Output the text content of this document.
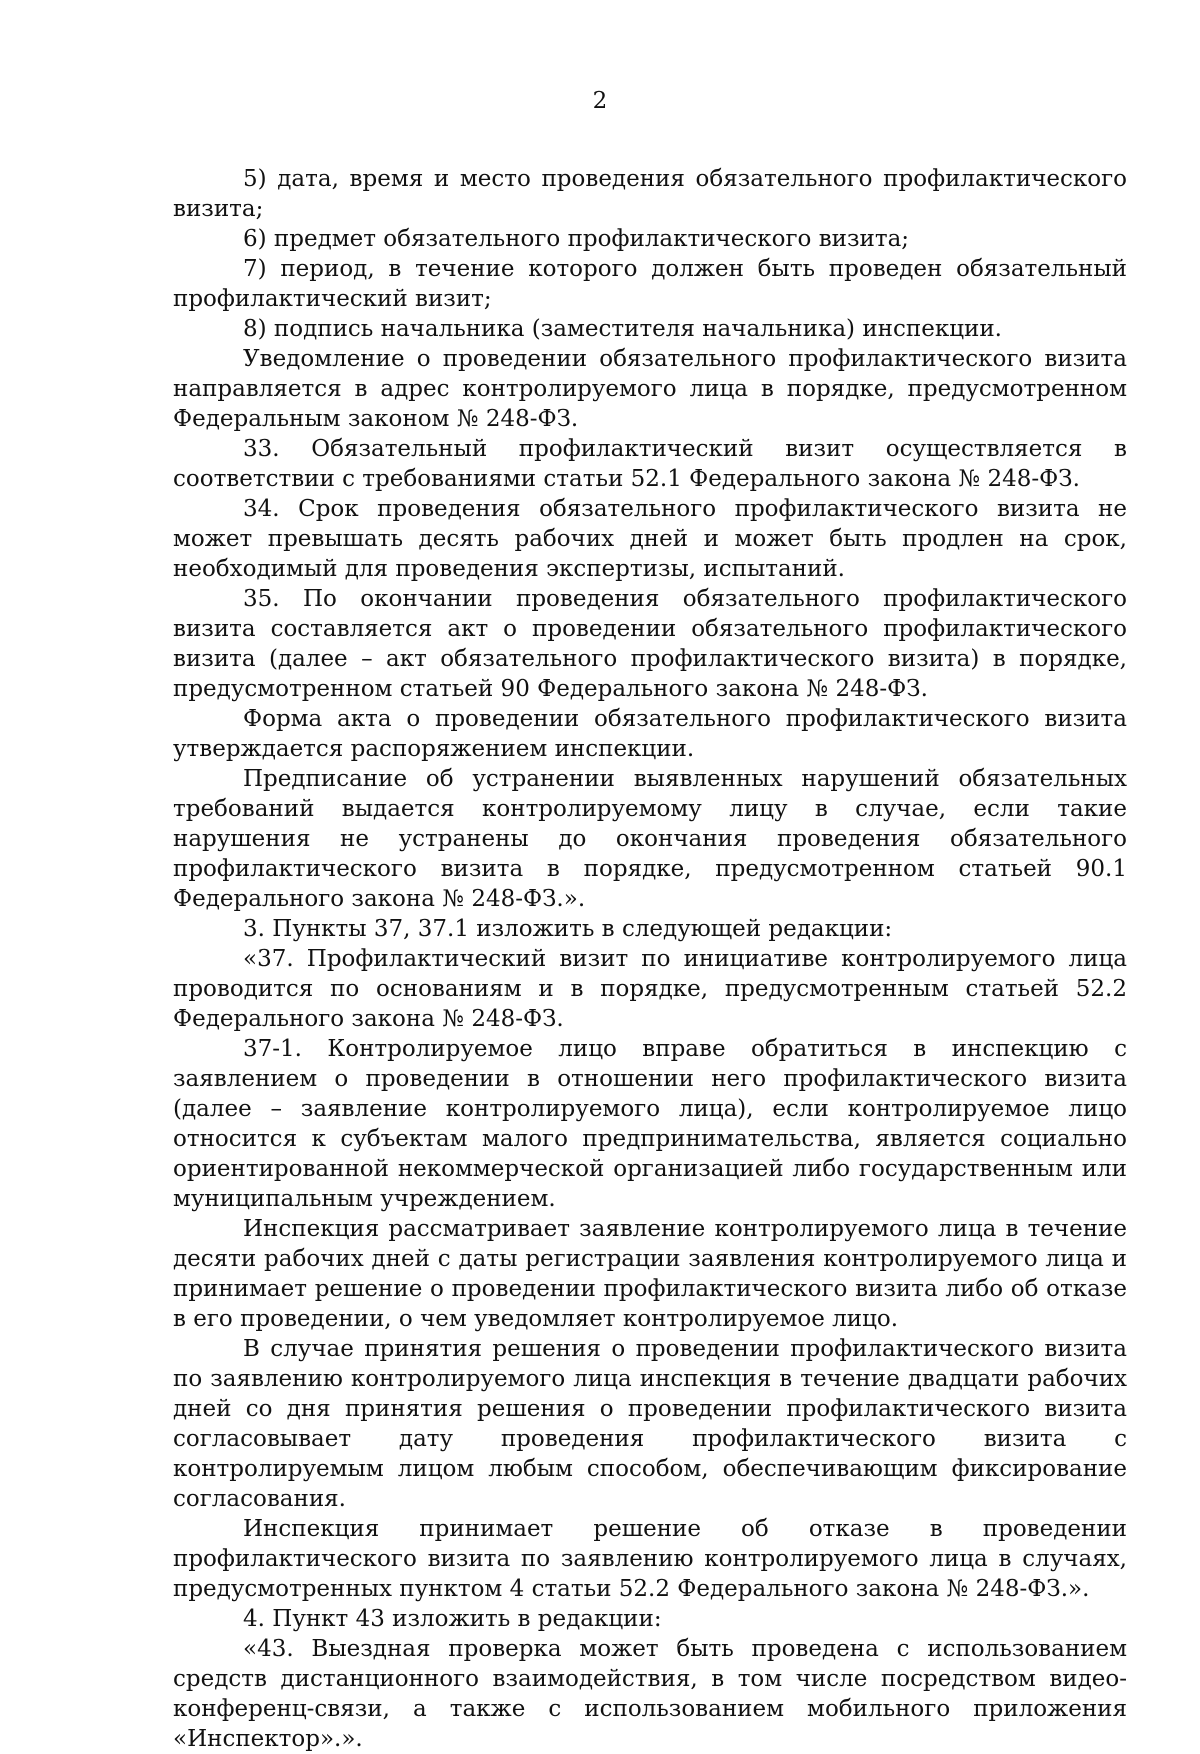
2

5) дата, время и место проведения обязательного профилактического визита;

6) предмет обязательного профилактического визита;

7) период, в течение которого должен быть проведен обязательный профилактический визит;

8) подпись начальника (заместителя начальника) инспекции.

Уведомление о проведении обязательного профилактического визита направляется в адрес контролируемого лица в порядке, предусмотренном Федеральным законом № 248-ФЗ.

33. Обязательный профилактический визит осуществляется в соответствии с требованиями статьи 52.1 Федерального закона № 248-ФЗ.

34. Срок проведения обязательного профилактического визита не может превышать десять рабочих дней и может быть продлен на срок, необходимый для проведения экспертизы, испытаний.

35. По окончании проведения обязательного профилактического визита составляется акт о проведении обязательного профилактического визита (далее – акт обязательного профилактического визита) в порядке, предусмотренном статьей 90 Федерального закона № 248-ФЗ.

Форма акта о проведении обязательного профилактического визита утверждается распоряжением инспекции.

Предписание об устранении выявленных нарушений обязательных требований выдается контролируемому лицу в случае, если такие нарушения не устранены до окончания проведения обязательного профилактического визита в порядке, предусмотренном статьей 90.1 Федерального закона № 248-ФЗ.».

3. Пункты 37, 37.1 изложить в следующей редакции:

«37. Профилактический визит по инициативе контролируемого лица проводится по основаниям и в порядке, предусмотренным статьей 52.2 Федерального закона № 248-ФЗ.

37-1. Контролируемое лицо вправе обратиться в инспекцию с заявлением о проведении в отношении него профилактического визита (далее – заявление контролируемого лица), если контролируемое лицо относится к субъектам малого предпринимательства, является социально ориентированной некоммерческой организацией либо государственным или муниципальным учреждением.

Инспекция рассматривает заявление контролируемого лица в течение десяти рабочих дней с даты регистрации заявления контролируемого лица и принимает решение о проведении профилактического визита либо об отказе в его проведении, о чем уведомляет контролируемое лицо.

В случае принятия решения о проведении профилактического визита по заявлению контролируемого лица инспекция в течение двадцати рабочих дней со дня принятия решения о проведении профилактического визита согласовывает дату проведения профилактического визита с контролируемым лицом любым способом, обеспечивающим фиксирование согласования.

Инспекция принимает решение об отказе в проведении профилактического визита по заявлению контролируемого лица в случаях, предусмотренных пунктом 4 статьи 52.2 Федерального закона № 248-ФЗ.».

4. Пункт 43 изложить в редакции:

«43. Выездная проверка может быть проведена с использованием средств дистанционного взаимодействия, в том числе посредством видео-конференц-связи, а также с использованием мобильного приложения «Инспектор».».
